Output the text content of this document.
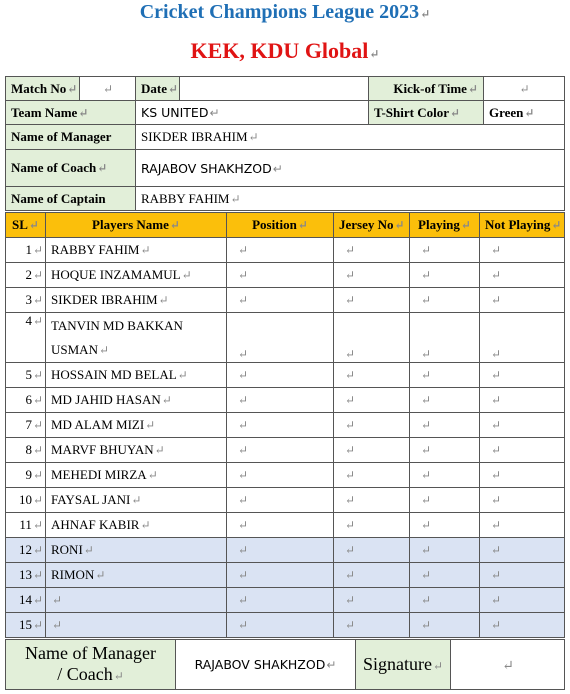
Cricket Champions League 2023↵
KEK, KDU Global↵
Match No↵	↵	Date↵		Kick-of Time↵	↵
Team Name↵		KS UNITED↵		T-Shirt Color↵	Green↵
Name of Manager		SIKDER IBRAHIM↵			
Name of Coach↵		RAJABOV SHAKHZOD↵			
Name of Captain		RABBY FAHIM↵			
SL↵	Players Name↵	Position↵	Jersey No↵	Playing↵	Not Playing↵
1↵	RABBY FAHIM↵	↵	↵	↵	↵
2↵	HOQUE INZAMAMUL↵	↵	↵	↵	↵
3↵	SIKDER IBRAHIM↵	↵	↵	↵	↵
4↵	TANVIN MD BAKKAN
USMAN↵	↵	↵	↵	↵
5↵	HOSSAIN MD BELAL↵	↵	↵	↵	↵
6↵	MD JAHID HASAN↵	↵	↵	↵	↵
7↵	MD ALAM MIZI↵	↵	↵	↵	↵
8↵	MARVF BHUYAN↵	↵	↵	↵	↵
9↵	MEHEDI MIRZA↵	↵	↵	↵	↵
10↵	FAYSAL JANI↵	↵	↵	↵	↵
11↵	AHNAF KABIR↵	↵	↵	↵	↵
12↵	RONI↵	↵	↵	↵	↵
13↵	RIMON↵	↵	↵	↵	↵
14↵	↵	↵	↵	↵	↵
15↵	↵	↵	↵	↵	↵
Name of Manager
/ Coach↵	RAJABOV SHAKHZOD↵	Signature↵	↵
